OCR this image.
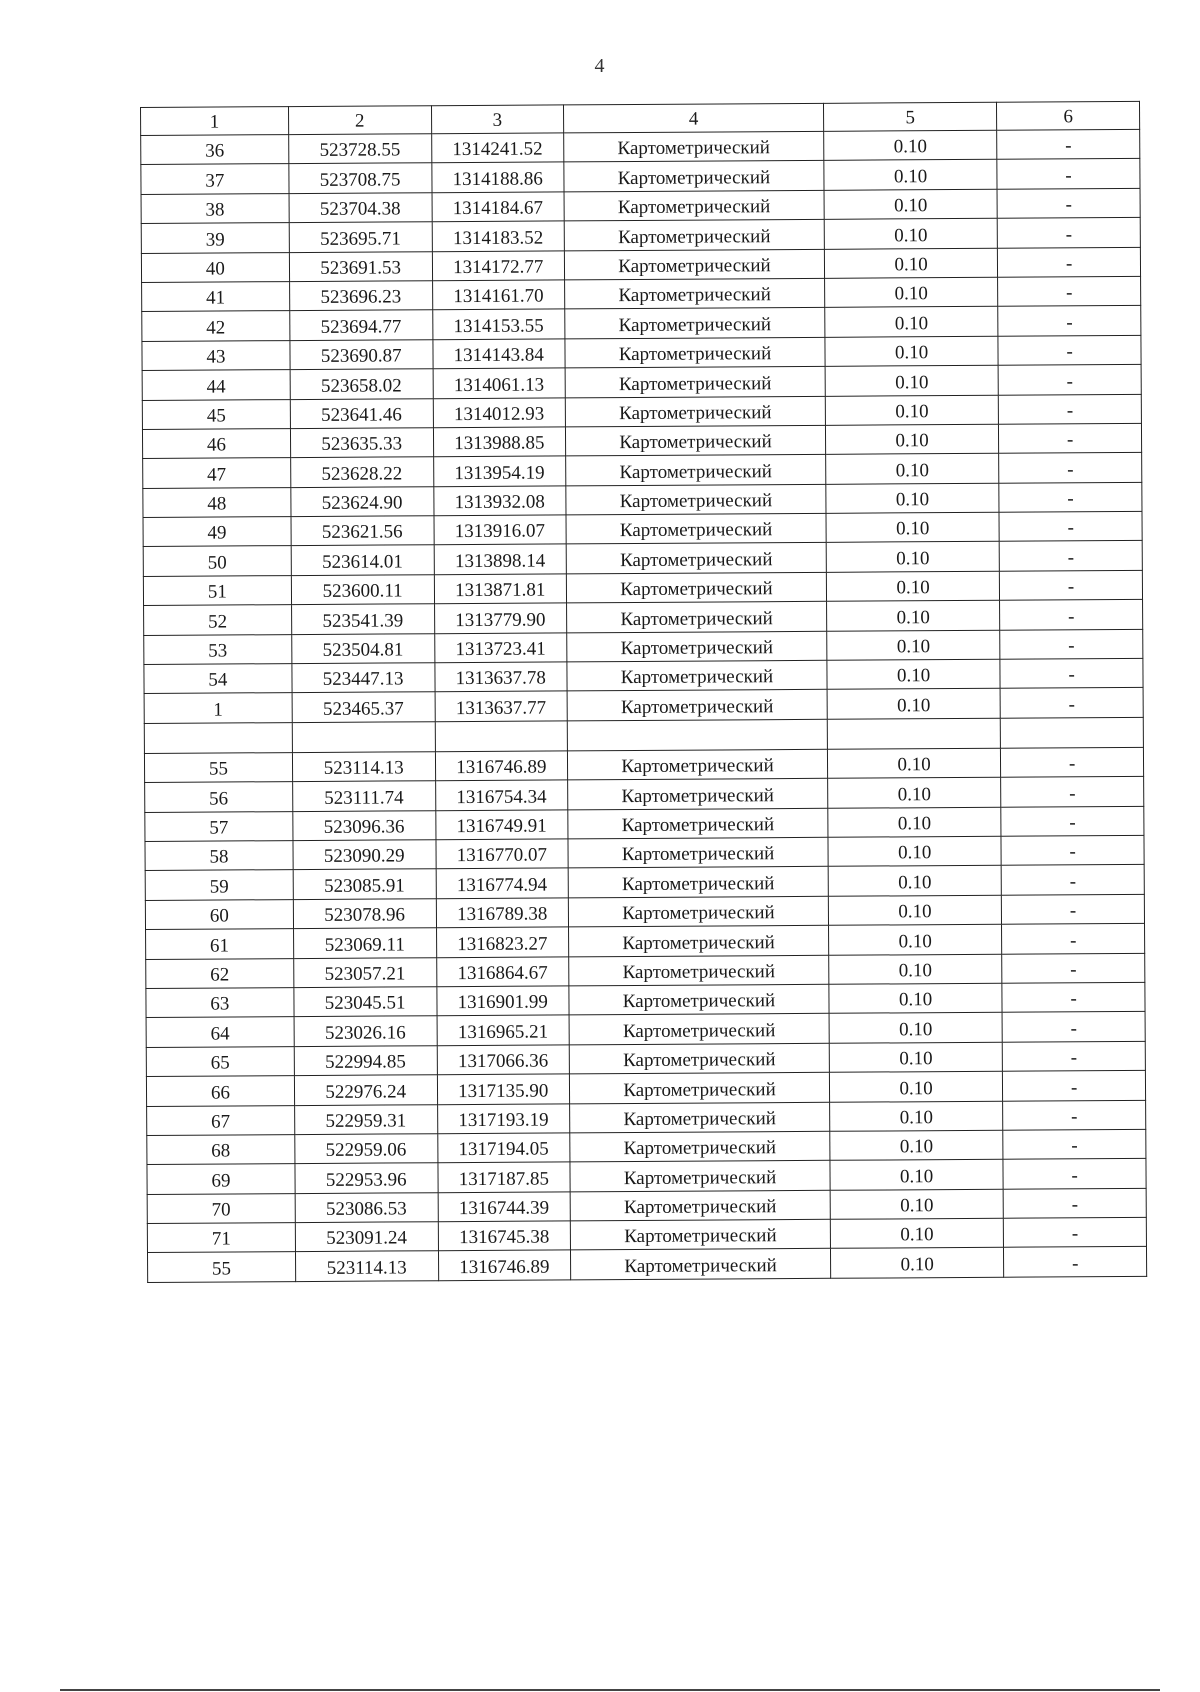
4
1	2	3	4	5	6
36	523728.55	1314241.52	Картометрический	0.10	-
37	523708.75	1314188.86	Картометрический	0.10	-
38	523704.38	1314184.67	Картометрический	0.10	-
39	523695.71	1314183.52	Картометрический	0.10	-
40	523691.53	1314172.77	Картометрический	0.10	-
41	523696.23	1314161.70	Картометрический	0.10	-
42	523694.77	1314153.55	Картометрический	0.10	-
43	523690.87	1314143.84	Картометрический	0.10	-
44	523658.02	1314061.13	Картометрический	0.10	-
45	523641.46	1314012.93	Картометрический	0.10	-
46	523635.33	1313988.85	Картометрический	0.10	-
47	523628.22	1313954.19	Картометрический	0.10	-
48	523624.90	1313932.08	Картометрический	0.10	-
49	523621.56	1313916.07	Картометрический	0.10	-
50	523614.01	1313898.14	Картометрический	0.10	-
51	523600.11	1313871.81	Картометрический	0.10	-
52	523541.39	1313779.90	Картометрический	0.10	-
53	523504.81	1313723.41	Картометрический	0.10	-
54	523447.13	1313637.78	Картометрический	0.10	-
1	523465.37	1313637.77	Картометрический	0.10	-

55	523114.13	1316746.89	Картометрический	0.10	-
56	523111.74	1316754.34	Картометрический	0.10	-
57	523096.36	1316749.91	Картометрический	0.10	-
58	523090.29	1316770.07	Картометрический	0.10	-
59	523085.91	1316774.94	Картометрический	0.10	-
60	523078.96	1316789.38	Картометрический	0.10	-
61	523069.11	1316823.27	Картометрический	0.10	-
62	523057.21	1316864.67	Картометрический	0.10	-
63	523045.51	1316901.99	Картометрический	0.10	-
64	523026.16	1316965.21	Картометрический	0.10	-
65	522994.85	1317066.36	Картометрический	0.10	-
66	522976.24	1317135.90	Картометрический	0.10	-
67	522959.31	1317193.19	Картометрический	0.10	-
68	522959.06	1317194.05	Картометрический	0.10	-
69	522953.96	1317187.85	Картометрический	0.10	-
70	523086.53	1316744.39	Картометрический	0.10	-
71	523091.24	1316745.38	Картометрический	0.10	-
55	523114.13	1316746.89	Картометрический	0.10	-
